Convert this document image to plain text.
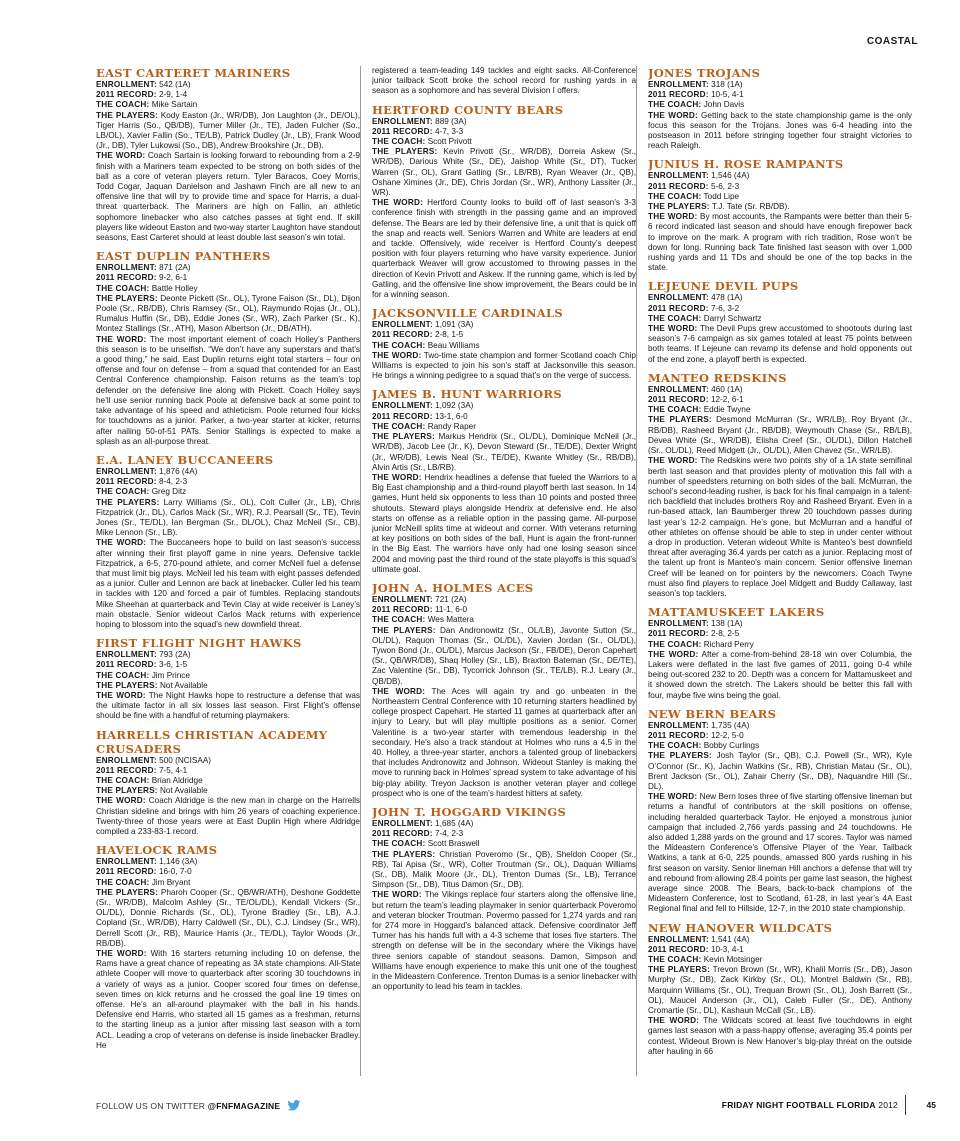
COASTAL
EAST CARTERET MARINERS

ENROLLMENT: 542 (1A)

2011 RECORD: 2-9, 1-4

THE COACH: Mike Sartain

THE PLAYERS: Kody Easton (Jr., WR/DB), Jon Laughton (Jr., DE/OL), Tiger Harris (So., QB/DB), Turner Miller (Jr., TE), Jaden Fulcher (So., LB/OL), Xavier Fallin (So., TE/LB), Patrick Dudley (Jr., LB), Frank Wood (Jr., DB), Tyler Lukowsi (So., DB), Andrew Brookshire (Jr., DB).

THE WORD: Coach Sartain is looking forward to rebounding from a 2-9 finish with a Mariners team expected to be strong on both sides of the ball as a core of veteran players return. Tyler Baracos, Coey Morris, Todd Cogar, Jaquan Danielson and Jashawn Finch are all new to an offensive line that will try to provide time and space for Harris, a dual-threat quarterback. The Mariners are high on Fallin, an athletic sophomore linebacker who also catches passes at tight end. If skill players like wideout Easton and two-way starter Laughton have standout seasons, East Carteret should at least double last season’s win total.

EAST DUPLIN PANTHERS

ENROLLMENT: 871 (2A)

2011 RECORD: 9-2, 6-1

THE COACH: Battle Holley

THE PLAYERS: Deonte Pickett (Sr., OL), Tyrone Faison (Sr., DL), Dijon Poole (Sr., RB/DB), Chris Ramsey (Sr., OL), Raymundo Rojas (Jr., OL), Rumalus Huffin (Sr., DB), Eddie Jones (Sr., WR), Zach Parker (Sr., K), Montez Stallings (Sr., ATH), Mason Albertson (Jr., DB/ATH).

THE WORD: The most important element of coach Holley’s Panthers this season is to be unselfish. “We don’t have any superstars and that’s a good thing,” he said. East Duplin returns eight total starters – four on offense and four on defense – from a squad that contended for an East Central Conference championship. Faison returns as the team’s top defender on the defensive line along with Pickett. Coach Holley says he’ll use senior running back Poole at defensive back at some point to take advantage of his speed and athleticism. Poole returned four kicks for touchdowns as a junior. Parker, a two-year starter at kicker, returns after nailing 50-of-51 PATs. Senior Stallings is expected to make a splash as an all-purpose threat.

E.A. LANEY BUCCANEERS

ENROLLMENT: 1,876 (4A)

2011 RECORD: 8-4, 2-3

THE COACH: Greg Ditz

THE PLAYERS: Larry Williams (Sr., OL), Colt Culler (Jr., LB), Chris Fitzpatrick (Jr., DL), Carlos Mack (Sr., WR), R.J. Pearsall (Sr., TE), Tevin Jones (Sr., TE/DL), Ian Bergman (Sr., DL/OL), Chaz McNeil (Sr., CB), Mike Lennon (Sr., LB).

THE WORD: The Buccaneers hope to build on last season’s success after winning their first playoff game in nine years. Defensive tackle Fitzpatrick, a 6-5, 270-pound athlete, and corner McNeil fuel a defense that must limit big plays. McNeil led his team with eight passes defended as a junior. Culler and Lennon are back at linebacker. Culler led his team in tackles with 120 and forced a pair of fumbles. Replacing standouts Mike Sheehan at quarterback and Tevin Clay at wide receiver is Laney’s main obstacle. Senior wideout Carlos Mack returns with experience hoping to blossom into the squad’s new downfield threat.

FIRST FLIGHT NIGHT HAWKS

ENROLLMENT: 793 (2A)

2011 RECORD: 3-6, 1-5

THE COACH: Jim Prince

THE PLAYERS: Not Available

THE WORD: The Night Hawks hope to restructure a defense that was the ultimate factor in all six losses last season. First Flight’s offense should be fine with a handful of returning playmakers.

HARRELLS CHRISTIAN ACADEMY CRUSADERS

ENROLLMENT: 500 (NCISAA)

2011 RECORD: 7-5, 4-1

THE COACH: Brian Aldridge

THE PLAYERS: Not Available

THE WORD: Coach Aldridge is the new man in charge on the Harrells Christian sideline and brings with him 26 years of coaching experience. Twenty-three of those years were at East Duplin High where Aldridge compiled a 233-83-1 record.

HAVELOCK RAMS

ENROLLMENT: 1,146 (3A)

2011 RECORD: 16-0, 7-0

THE COACH: Jim Bryant

THE PLAYERS: Pharoh Cooper (Sr., QB/WR/ATH), Deshone Goddette (Sr., WR/DB), Malcolm Ashley (Sr., TE/OL/DL), Kendall Vickers (Sr., OL/DL), Donnie Richards (Sr., OL), Tyrone Bradley (Sr., LB), A.J. Copland (Sr., WR/DB), Harry Caldwell (Sr., DL), C.J. Lindsey (Sr., WR), Derrell Scott (Jr., RB), Maurice Harris (Jr., TE/DL), Taylor Woods (Jr., RB/DB).

THE WORD: With 16 starters returning including 10 on defense, the Rams have a great chance of repeating as 3A state champions. All-State athlete Cooper will move to quarterback after scoring 30 touchdowns in a variety of ways as a junior. Cooper scored four times on defense, seven times on kick returns and he crossed the goal line 19 times on offense. He’s an all-around playmaker with the ball in his hands. Defensive end Harris, who started all 15 games as a freshman, returns to the starting lineup as a junior after missing last season with a torn ACL. Leading a crop of veterans on defense is inside linebacker Bradley. He

registered a team-leading 149 tackles and eight sacks. All-Conference junior tailback Scott broke the school record for rushing yards in a season as a sophomore and has several Division I offers.

HERTFORD COUNTY BEARS

ENROLLMENT: 889 (3A)

2011 RECORD: 4-7, 3-3

THE COACH: Scott Privott

THE PLAYERS: Kevin Privott (Sr., WR/DB), Dorreia Askew (Sr., WR/DB), Darious White (Sr., DE), Jaishop White (Sr., DT), Tucker Warren (Sr., OL), Grant Gatling (Sr., LB/RB), Ryan Weaver (Jr., QB), Oshane Ximines (Jr., DE), Chris Jordan (Sr., WR), Anthony Lassiter (Jr., WR).

THE WORD: Hertford County looks to build off of last season’s 3-3 conference finish with strength in the passing game and an improved defense. The Bears are led by their defensive line, a unit that is quick off the snap and reacts well. Seniors Warren and White are leaders at end and tackle. Offensively, wide receiver is Hertford County’s deepest position with four players returning who have varsity experience. Junior quarterback Weaver will grow accustomed to throwing passes in the direction of Kevin Privott and Askew. If the running game, which is led by Gatling, and the offensive line show improvement, the Bears could be in for a winning season.

JACKSONVILLE CARDINALS

ENROLLMENT: 1,091 (3A)

2011 RECORD: 2-8, 1-5

THE COACH: Beau Williams

THE WORD: Two-time state champion and former Scotland coach Chip Williams is expected to join his son’s staff at Jacksonville this season. He brings a winning pedigree to a squad that’s on the verge of success.

JAMES B. HUNT WARRIORS

ENROLLMENT: 1,092 (3A)

2011 RECORD: 13-1, 6-0

THE COACH: Randy Raper

THE PLAYERS: Markus Hendrix (Sr., OL/DL), Dominique McNeil (Jr., WR/DB), Jacob Lee (Jr., K), Devon Steward (Sr., TE/DE), Dexter Wright (Jr., WR/DB), Lewis Neal (Sr., TE/DE), Kwante Whitley (Sr., RB/DB), Alvin Artis (Sr., LB/RB).

THE WORD: Hendrix headlines a defense that fueled the Warriors to a Big East championship and a third-round playoff berth last season. In 14 games, Hunt held six opponents to less than 10 points and posted three shutouts. Steward plays alongside Hendrix at defensive end. He also starts on offense as a reliable option in the passing game. All-purpose junior McNeill splits time at wideout and corner. With veterans returning at key positions on both sides of the ball, Hunt is again the front-runner in the Big East. The warriors have only had one losing season since 2004 and moving past the third round of the state playoffs is this squad’s ultimate goal.

JOHN A. HOLMES ACES

ENROLLMENT: 721 (2A)

2011 RECORD: 11-1, 6-0

THE COACH: Wes Mattera

THE PLAYERS: Dan Andronowitz (Sr., OL/LB), Javonte Sutton (Sr., OL/DL), Raquon Thomas (Sr., OL/DL), Xavien Jordan (Sr., OL/DL), Tywon Bond (Jr., OL/DL), Marcus Jackson (Sr., FB/DE), Deron Capehart (Sr., QB/WR/DB), Shaq Holley (Sr., LB), Braxton Bateman (Sr., DE/TE), Zac Valentine (Sr., DB), Tycorrick Johnson (Sr., TE/LB), R.J. Leary (Jr., QB/DB).

THE WORD: The Aces will again try and go unbeaten in the Northeastern Central Conference with 10 returning starters headlined by college prospect Capehart. He started 11 games at quarterback after an injury to Leary, but will play multiple positions as a senior. Corner Valentine is a two-year starter with tremendous leadership in the secondary. He’s also a track standout at Holmes who runs a 4.5 in the 40. Holley, a three-year starter, anchors a talented group of linebackers that includes Andronowitz and Johnson. Wideout Stanley is making the move to running back in Holmes’ spread system to take advantage of his big-play ability. Treyon Jackson is another veteran player and college prospect who is one of the team’s hardest hitters at safety.

JOHN T. HOGGARD VIKINGS

ENROLLMENT: 1,685 (4A)

2011 RECORD: 7-4, 2-3

THE COACH: Scott Braswell

THE PLAYERS: Christian Poveromo (Sr., QB), Sheldon Cooper (Sr., RB), Tai Apisa (Sr., WR), Colter Troutman (Sr., OL), Daquan Williams (Sr., DB), Malik Moore (Jr., DL), Trenton Dumas (Sr., LB), Terrance Simpson (Sr., DB), Titus Damon (Sr., DB).

THE WORD: The Vikings replace four starters along the offensive line, but return the team’s leading playmaker in senior quarterback Poveromo and veteran blocker Troutman. Povermo passed for 1,274 yards and ran for 274 more in Hoggard’s balanced attack. Defensive coordinator Jeff Turner has his hands full with a 4-3 scheme that loses five starters. The strength on defense will be in the secondary where the Vikings have three seniors capable of standout seasons. Damon, Simpson and Williams have enough experience to make this unit one of the toughest in the Mideastern Conference. Trenton Dumas is a senior linebacker with an opportunity to lead his team in tackles.

JONES TROJANS

ENROLLMENT: 318 (1A)

2011 RECORD: 10-5, 4-1

THE COACH: John Davis

THE WORD: Getting back to the state championship game is the only focus this season for the Trojans. Jones was 6-4 heading into the postseason in 2011 before stringing together four straight victories to reach Raleigh.

JUNIUS H. ROSE RAMPANTS

ENROLLMENT: 1,546 (4A)

2011 RECORD: 5-6, 2-3

THE COACH: Todd Lipe

THE PLAYERS: T.J. Tate (Sr. RB/DB).

THE WORD: By most accounts, the Rampants were better than their 5-6 record indicated last season and should have enough firepower back to improve on the mark. A program with rich tradition, Rose won’t be down for long. Running back Tate finished last season with over 1,000 rushing yards and 11 TDs and should be one of the top backs in the state.

LEJEUNE DEVIL PUPS

ENROLLMENT: 478 (1A)

2011 RECORD: 7-6, 3-2

THE COACH: Darryl Schwartz

THE WORD: The Devil Pups grew accustomed to shootouts during last season’s 7-6 campaign as six games totaled at least 75 points between both teams. If Lejeune can revamp its defense and hold opponents out of the end zone, a playoff berth is expected.

MANTEO REDSKINS

ENROLLMENT: 460 (1A)

2011 RECORD: 12-2, 6-1

THE COACH: Eddie Twyne

THE PLAYERS: Desmond McMurran (Sr., WR/LB), Roy Bryant (Jr., RB/DB), Rasheed Bryant (Jr., RB/DB), Weymouth Chase (Sr., RB/LB), Devea White (Sr., WR/DB), Elisha Creef (Sr., OL/DL), Dillon Hatchell (Sr., OL/DL), Reed Midgett (Jr., OL/DL), Allen Chavez (Sr., WR/LB).

THE WORD: The Redskins were two points shy of a 1A state semifinal berth last season and that provides plenty of motivation this fall with a number of speedsters returning on both sides of the ball. McMurran, the school’s second-leading rusher, is back for his final campaign in a talent-rich backfield that includes brothers Roy and Rasheed Bryant. Even in a run-based attack, Ian Baumberger threw 20 touchdown passes during last year’s 12-2 campaign. He’s gone, but McMurran and a handful of other athletes on offense should be able to step in under center without a drop in production. Veteran wideout White is Manteo’s best downfield threat after averaging 36.4 yards per catch as a junior. Replacing most of the talent up front is Manteo’s main concern. Senior offensive lineman Creef will be leaned on for pointers by the newcomers. Coach Twyne must also find players to replace Joel Midgett and Buddy Callaway, last season’s top tacklers.

MATTAMUSKEET LAKERS

ENROLLMENT: 138 (1A)

2011 RECORD: 2-8, 2-5

THE COACH: Richard Perry

THE WORD: After a come-from-behind 28-18 win over Columbia, the Lakers were deflated in the last five games of 2011, going 0-4 while being out-scored 232 to 20. Depth was a concern for Mattamuskeet and it showed down the stretch. The Lakers should be better this fall with four, maybe five wins being the goal.

NEW BERN BEARS

ENROLLMENT: 1,735 (4A)

2011 RECORD: 12-2, 5-0

THE COACH: Bobby Curlings

THE PLAYERS: Josh Taylor (Sr., QB), C.J. Powell (Sr., WR), Kyle O’Connor (Sr., K), Jachin Watkins (Sr., RB), Christian Matau (Sr., OL), Brent Jackson (Sr., OL), Zahair Cherry (Sr., DB), Naquandre Hill (Sr., DL).

THE WORD: New Bern loses three of five starting offensive lineman but returns a handful of contributors at the skill positions on offense, including heralded quarterback Taylor. He enjoyed a monstrous junior campaign that included 2,766 yards passing and 24 touchdowns. He also added 1,288 yards on the ground and 17 scores. Taylor was named the Mideastern Conference’s Offensive Player of the Year. Tailback Watkins, a tank at 6-0, 225 pounds, amassed 800 yards rushing in his first season on varsity. Senior lineman Hill anchors a defense that will try and rebound from allowing 28.4 points per game last season, the highest average since 2008. The Bears, back-to-back champions of the Mideastern Conference, lost to Scotland, 61-28, in last year’s 4A East Regional final and fell to Hillside, 12-7, in the 2010 state championship.

NEW HANOVER WILDCATS

ENROLLMENT: 1,541 (4A)

2011 RECORD: 10-3, 4-1

THE COACH: Kevin Motsinger

THE PLAYERS: Trevon Brown (Sr., WR), Khalil Morris (Sr., DB), Jason Murphy (Sr., DB), Zack Kirkby (Sr., OL), Montrel Baldwin (Sr., RB), Marquinn Williams (Sr., OL), Trequan Brown (Sr., OL), Josh Barrett (Sr., OL), Maucel Anderson (Jr., OL), Caleb Fuller (Sr., DE), Anthony Cromartie (Sr., DL), Kashaun McCall (Sr., LB).

THE WORD: The Wildcats scored at least five touchdowns in eight games last season with a pass-happy offense, averaging 35.4 points per contest. Wideout Brown is New Hanover’s big-play threat on the outside after hauling in 66

FOLLOW US ON TWITTER @FNFMAGAZINE	FRIDAY NIGHT FOOTBALL FLORIDA 2012	45
